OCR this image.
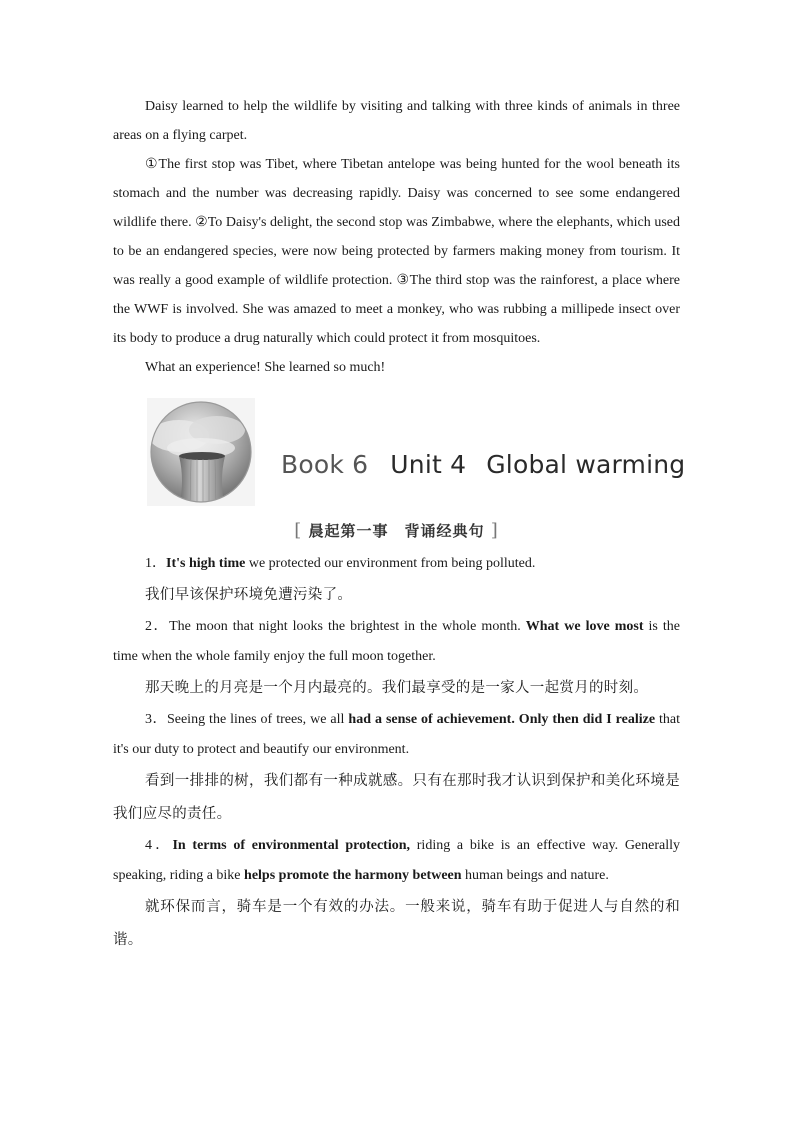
Daisy learned to help the wildlife by visiting and talking with three kinds of animals in three areas on a flying carpet.

①The first stop was Tibet, where Tibetan antelope was being hunted for the wool beneath its stomach and the number was decreasing rapidly. Daisy was concerned to see some endangered wildlife there. ②To Daisy's delight, the second stop was Zimbabwe, where the elephants, which used to be an endangered species, were now being protected by farmers making money from tourism. It was really a good example of wildlife protection. ③The third stop was the rainforest, a place where the WWF is involved. She was amazed to meet a monkey, who was rubbing a millipede insect over its body to produce a drug naturally which could protect it from mosquitoes.

What an experience! She learned so much!

Book 6 Unit 4 Global warming
[ 晨起第一事　背诵经典句 ]

1．It's high time we protected our environment from being polluted.

我们早该保护环境免遭污染了。

2．The moon that night looks the brightest in the whole month. What we love most is the time when the whole family enjoy the full moon together.

那天晚上的月亮是一个月内最亮的。我们最享受的是一家人一起赏月的时刻。

3．Seeing the lines of trees, we all had a sense of achievement. Only then did I realize that it's our duty to protect and beautify our environment.

看到一排排的树，我们都有一种成就感。只有在那时我才认识到保护和美化环境是我们应尽的责任。

4．In terms of environmental protection, riding a bike is an effective way. Generally speaking, riding a bike helps promote the harmony between human beings and nature.

就环保而言，骑车是一个有效的办法。一般来说，骑车有助于促进人与自然的和谐。
